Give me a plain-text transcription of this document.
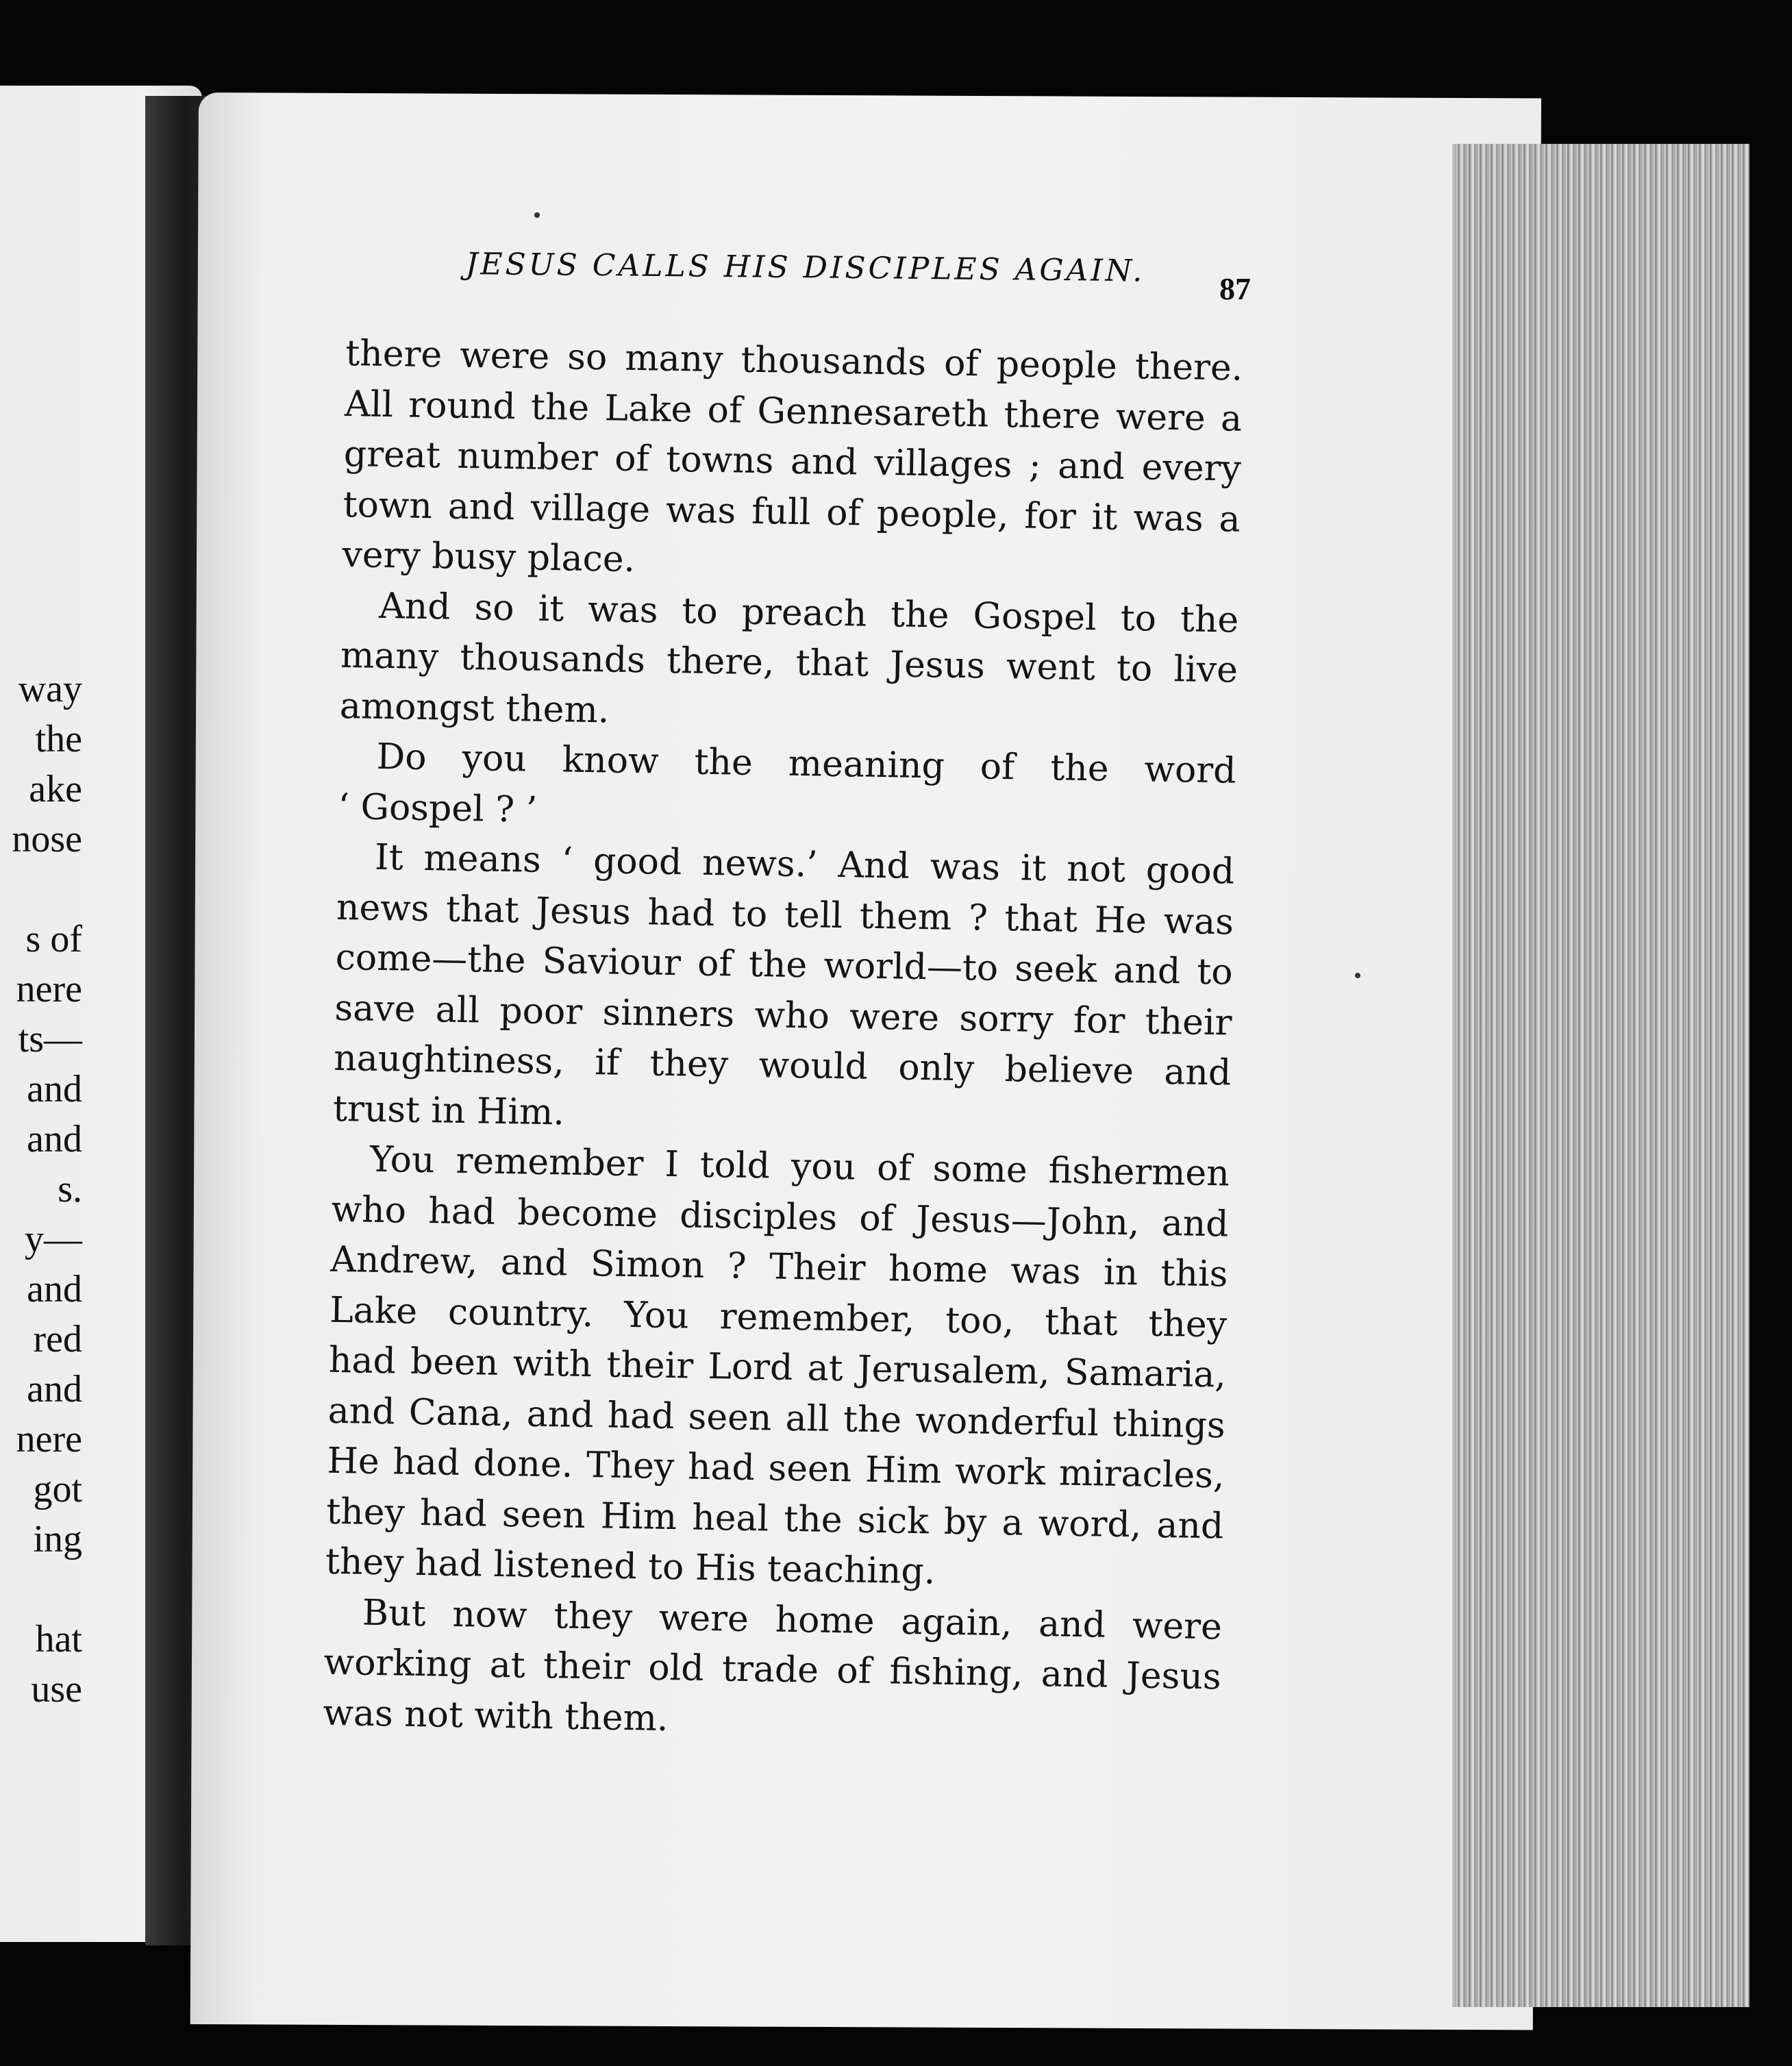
way
the
ake
nose
s of
nere
ts—
and
and
s.
y—
and
red
and
nere
got
ing
hat
use
JESUS CALLS HIS DISCIPLES AGAIN.
87
there were so many thousands of people there.
All round the Lake of Gennesareth there were a
great number of towns and villages ; and every
town and village was full of people, for it was a
very busy place.
And so it was to preach the Gospel to the
many thousands there, that Jesus went to live
amongst them.
Do you know the meaning of the word
‘ Gospel ? ’
It means ‘ good news.’ And was it not good
news that Jesus had to tell them ? that He was
come—the Saviour of the world—to seek and to
save all poor sinners who were sorry for their
naughtiness, if they would only believe and
trust in Him.
You remember I told you of some fishermen
who had become disciples of Jesus—John, and
Andrew, and Simon ? Their home was in this
Lake country. You remember, too, that they
had been with their Lord at Jerusalem, Samaria,
and Cana, and had seen all the wonderful things
He had done. They had seen Him work miracles,
they had seen Him heal the sick by a word, and
they had listened to His teaching.
But now they were home again, and were
working at their old trade of fishing, and Jesus
was not with them.
